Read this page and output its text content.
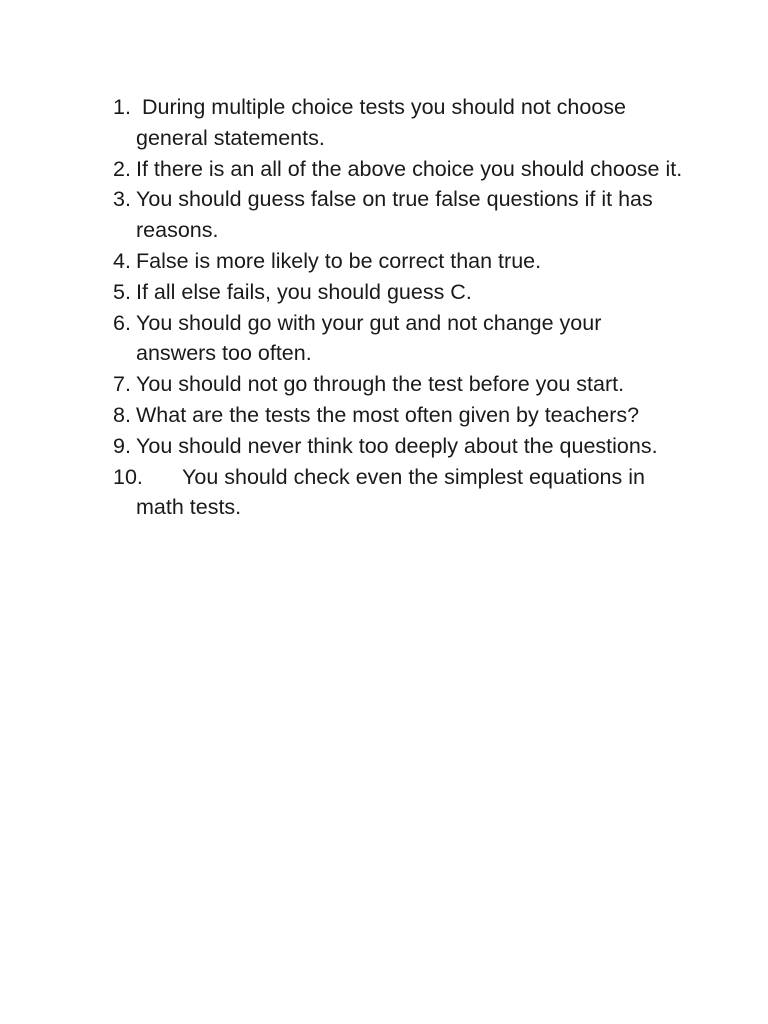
1. During multiple choice tests you should not choose general statements.
2. If there is an all of the above choice you should choose it.
3. You should guess false on true false questions if it has reasons.
4. False is more likely to be correct than true.
5. If all else fails, you should guess C.
6. You should go with your gut and not change your answers too often.
7. You should not go through the test before you start.
8. What are the tests the most often given by teachers?
9. You should never think too deeply about the questions.
10. You should check even the simplest equations in math tests.
